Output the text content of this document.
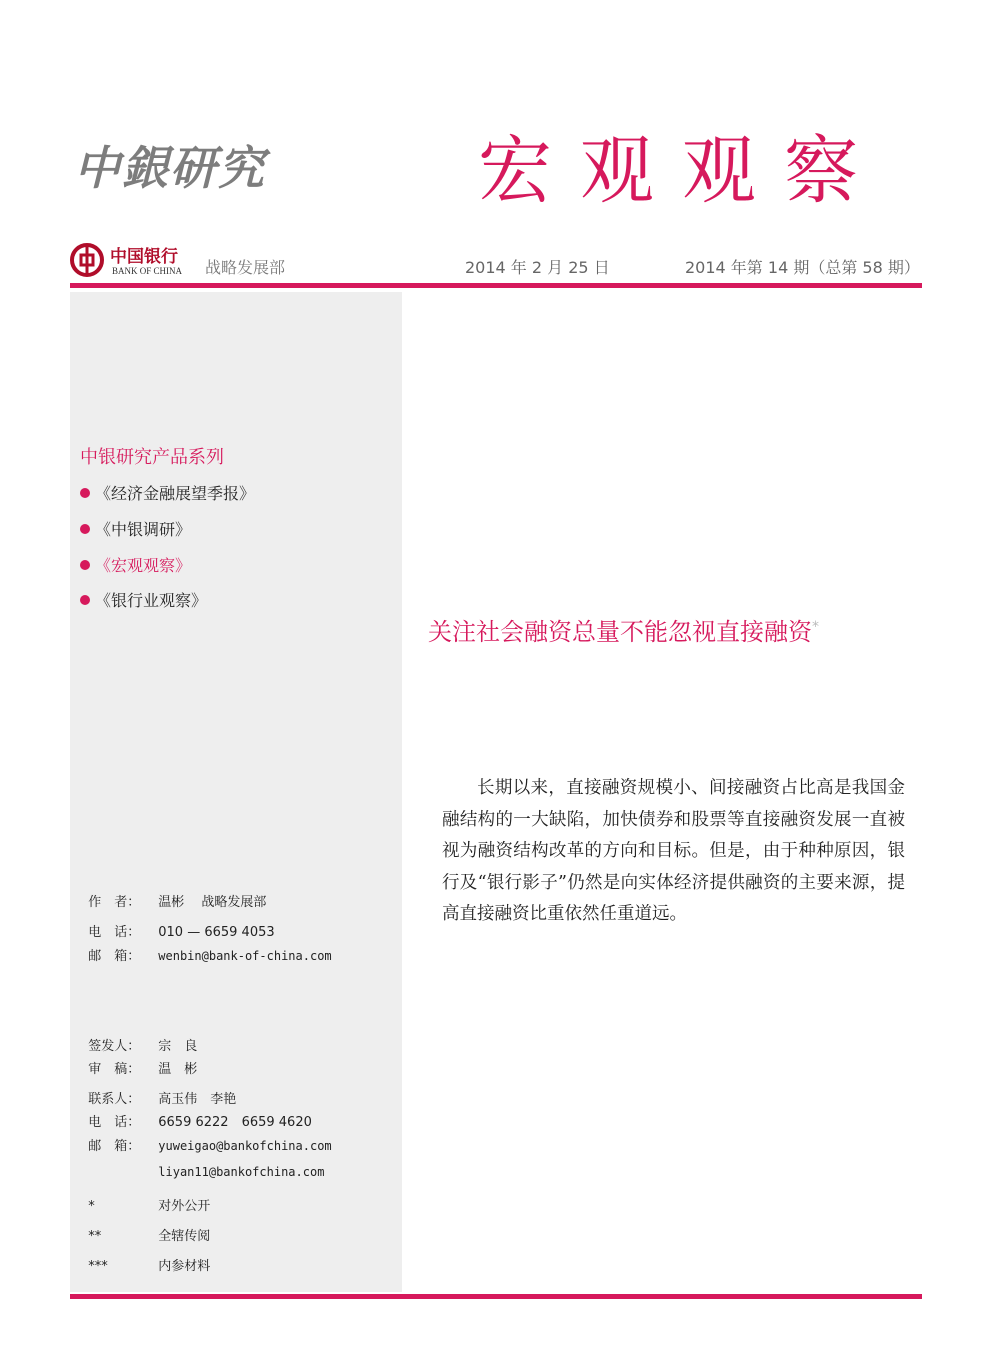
中銀研究	宏观观察
中国银行
BANK OF CHINA 战略发展部	2014 年 2 月 25 日	2014 年第 14 期（总第 58 期）
中银研究产品系列
《经济金融展望季报》
《中银调研》
《宏观观察》
《银行业观察》

作　者： 温彬　 战略发展部

电　话： 010 — 6659 4053

邮　箱： wenbin@bank-of-china.com

签发人： 宗　良

审　稿： 温　彬

联系人： 高玉伟　李艳

电　话： 6659 6222　6659 4620

邮　箱： yuweigao@bankofchina.com

liyan11@bankofchina.com

*	对外公开

**	全辖传阅

***	内参材料

关注社会融资总量不能忽视直接融资*
长期以来，直接融资规模小、间接融资占比高是我国金融结构的一大缺陷，加快债券和股票等直接融资发展一直被视为融资结构改革的方向和目标。但是，由于种种原因，银行及“银行影子”仍然是向实体经济提供融资的主要来源，提高直接融资比重依然任重道远。
